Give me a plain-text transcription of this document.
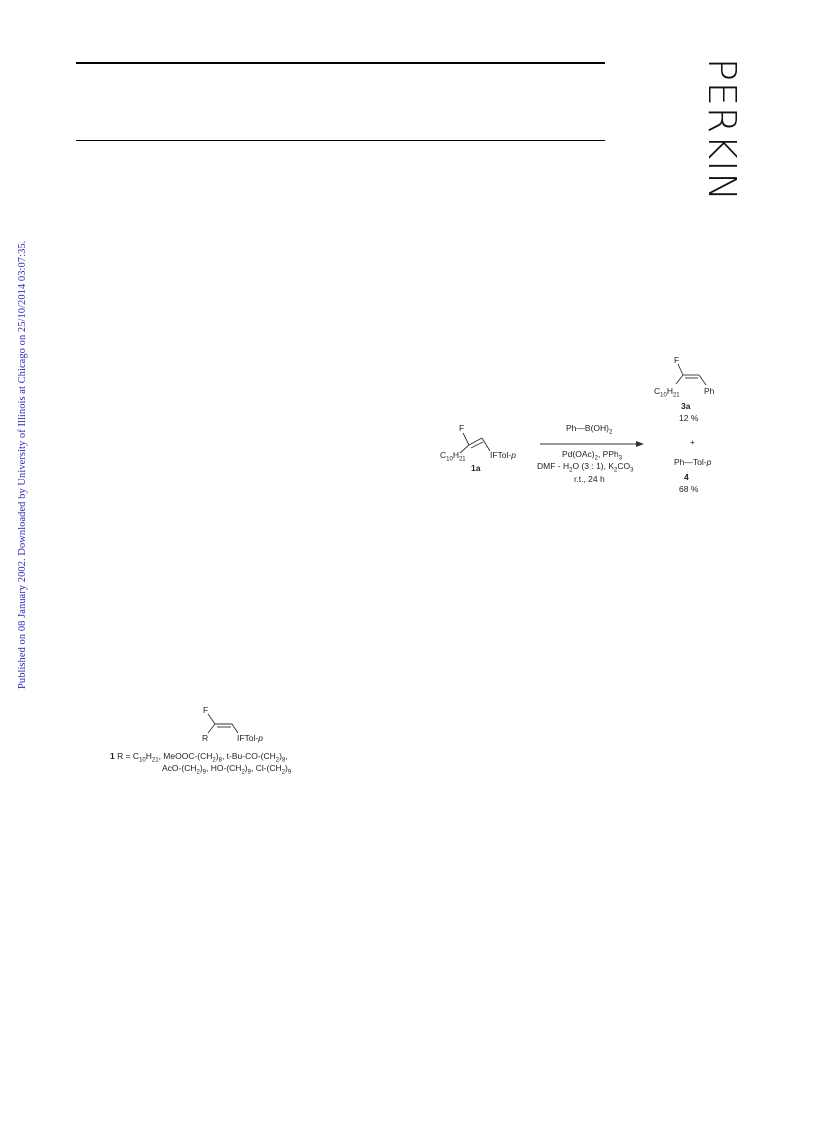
Published on 08 January 2002. Downloaded by University of Illinois at Chicago on 25/10/2014 03:07:35.
PERKIN
F
$C_{10}H_{21}$	IFTol-p
1a
$Ph—B(OH)_2$
$Pd(OAc)_2$, PPh$_3$
DMF - $H_2O$ (3 : 1), $K_2CO_3$
r.t., 24 h
F
$C_{10}H_{21}$	Ph
3a
12 %
+
Ph—Tol-p
4
68 %
F
R	IFTol-p
1 $R = C_{10}H_{21}$, MeOOC-$(CH_2)_8$, $t-Bu-CO-(CH_2)_8$,
AcO-$(CH_2)_9$, $HO-(CH_2)_9$, $Cl-(CH_2)_9$
